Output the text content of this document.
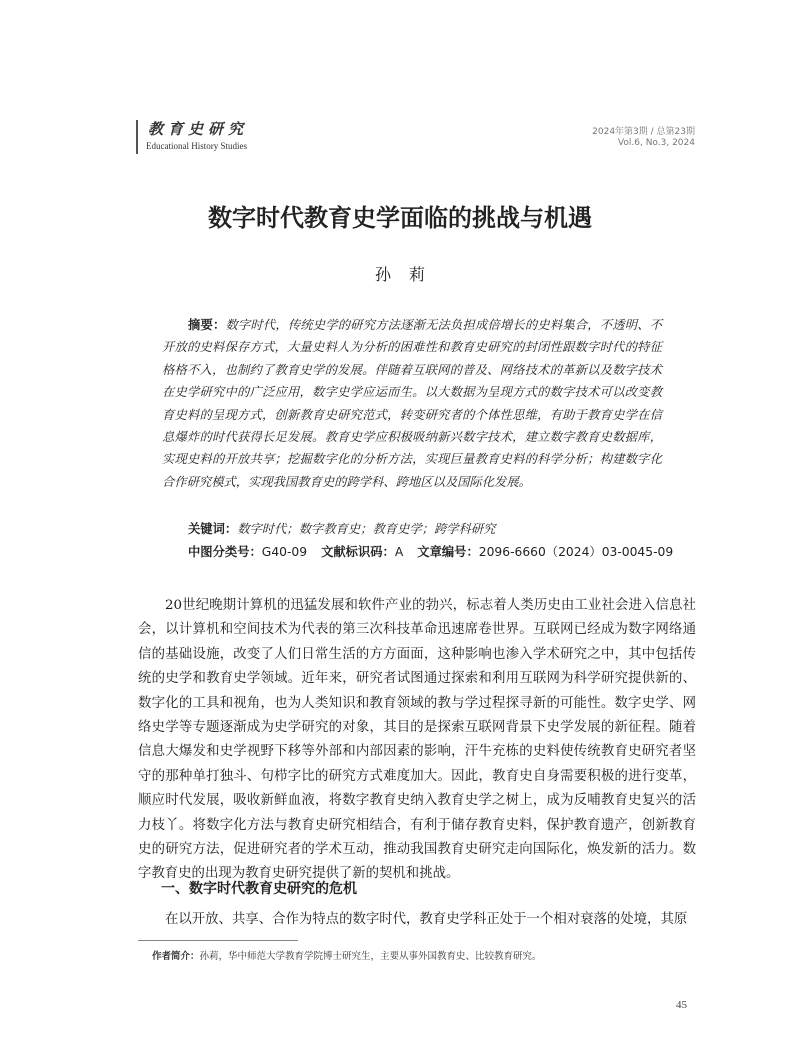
教育史研究
Educational History Studies
2024年第3期 / 总第23期
Vol.6, No.3, 2024
数字时代教育史学面临的挑战与机遇
孙莉
摘要：数字时代，传统史学的研究方法逐渐无法负担成倍增长的史料集合，不透明、不开放的史料保存方式，大量史料人为分析的困难性和教育史研究的封闭性跟数字时代的特征格格不入，也制约了教育史学的发展。伴随着互联网的普及、网络技术的革新以及数字技术在史学研究中的广泛应用，数字史学应运而生。以大数据为呈现方式的数字技术可以改变教育史料的呈现方式，创新教育史研究范式，转变研究者的个体性思维，有助于教育史学在信息爆炸的时代获得长足发展。教育史学应积极吸纳新兴数字技术，建立数字教育史数据库，实现史料的开放共享；挖掘数字化的分析方法，实现巨量教育史料的科学分析；构建数字化合作研究模式，实现我国教育史的跨学科、跨地区以及国际化发展。
关键词：数字时代；数字教育史；教育史学；跨学科研究
中图分类号：G40-09 文献标识码：A 文章编号：2096-6660（2024）03-0045-09
20世纪晚期计算机的迅猛发展和软件产业的勃兴，标志着人类历史由工业社会进入信息社会，以计算机和空间技术为代表的第三次科技革命迅速席卷世界。互联网已经成为数字网络通信的基础设施，改变了人们日常生活的方方面面，这种影响也渗入学术研究之中，其中包括传统的史学和教育史学领域。近年来，研究者试图通过探索和利用互联网为科学研究提供新的、数字化的工具和视角，也为人类知识和教育领域的教与学过程探寻新的可能性。数字史学、网络史学等专题逐渐成为史学研究的对象，其目的是探索互联网背景下史学发展的新征程。随着信息大爆发和史学视野下移等外部和内部因素的影响，汗牛充栋的史料使传统教育史研究者坚守的那种单打独斗、句栉字比的研究方式难度加大。因此，教育史自身需要积极的进行变革，顺应时代发展，吸收新鲜血液，将数字教育史纳入教育史学之树上，成为反哺教育史复兴的活力枝丫。将数字化方法与教育史研究相结合，有利于储存教育史料，保护教育遗产，创新教育史的研究方法，促进研究者的学术互动，推动我国教育史研究走向国际化，焕发新的活力。数字教育史的出现为教育史研究提供了新的契机和挑战。
一、数字时代教育史研究的危机
在以开放、共享、合作为特点的数字时代，教育史学科正处于一个相对衰落的处境，其原
作者简介：孙莉，华中师范大学教育学院博士研究生，主要从事外国教育史、比较教育研究。
45
